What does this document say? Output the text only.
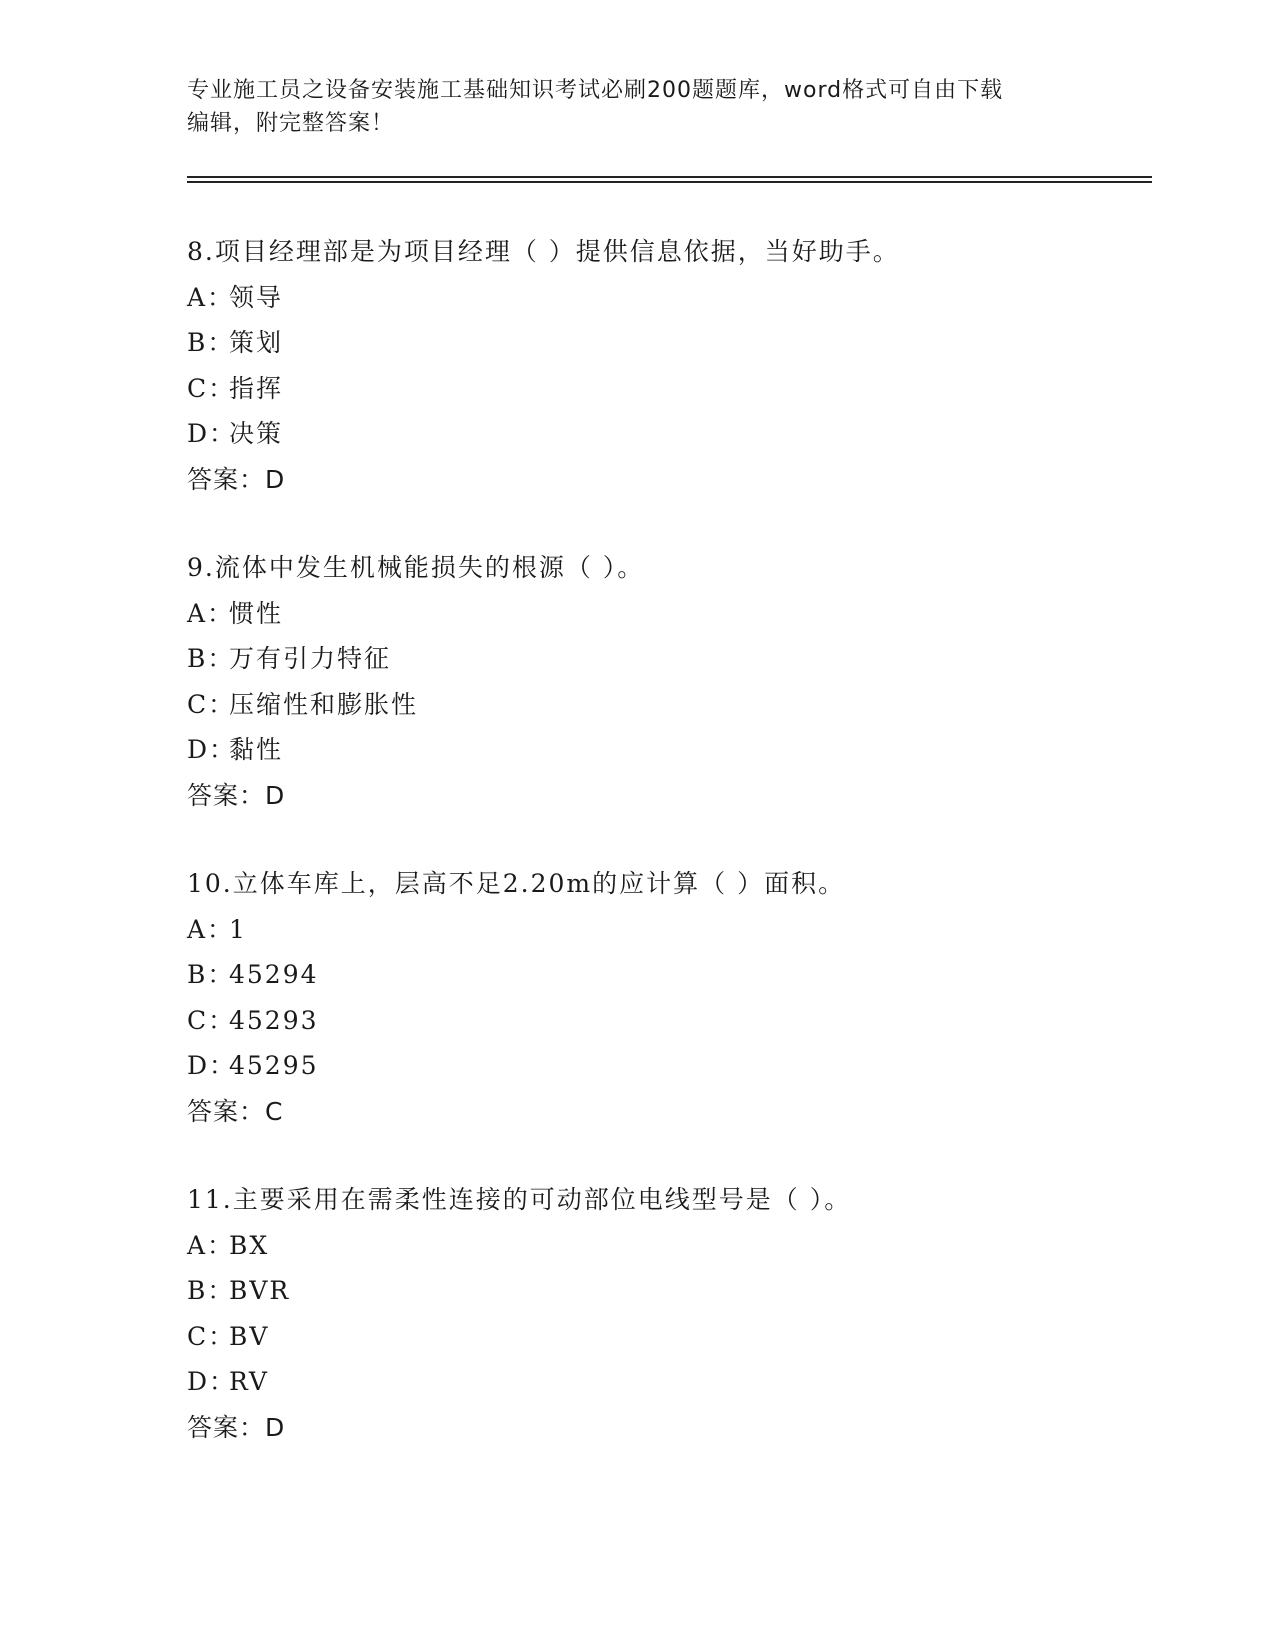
专业施工员之设备安装施工基础知识考试必刷200题题库，word格式可自由下载
编辑，附完整答案！
8.项目经理部是为项目经理（ ）提供信息依据，当好助手。
A：领导
B：策划
C：指挥
D：决策
答案：D
9.流体中发生机械能损失的根源（ ）。
A：惯性
B：万有引力特征
C：压缩性和膨胀性
D：黏性
答案：D
10.立体车库上，层高不足2.20m的应计算（ ）面积。
A：1
B：45294
C：45293
D：45295
答案：C
11.主要采用在需柔性连接的可动部位电线型号是（ ）。
A：BX
B：BVR
C：BV
D：RV
答案：D
